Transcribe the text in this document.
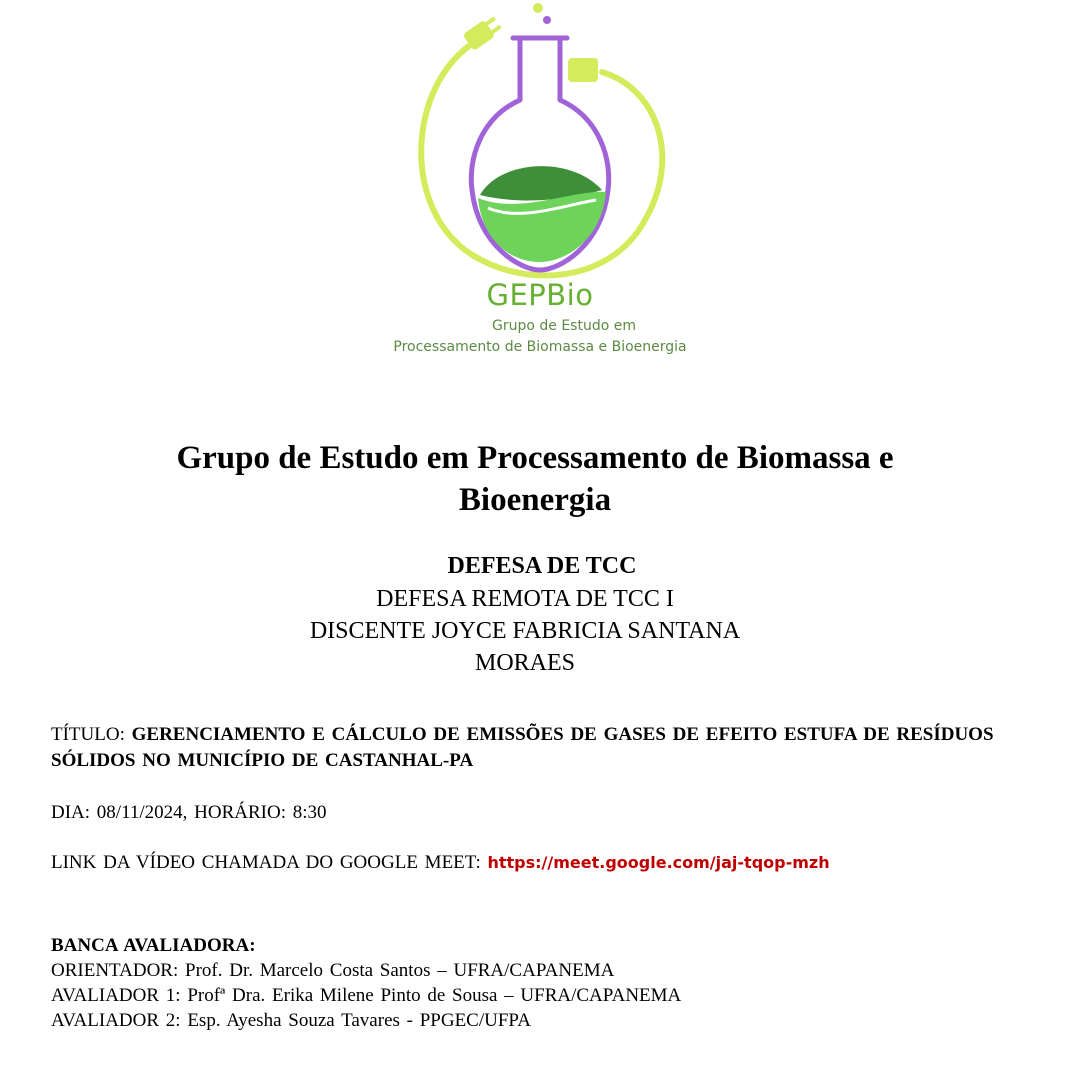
GEPBio
Grupo de Estudo em
Processamento de Biomassa e Bioenergia
Grupo de Estudo em Processamento de Biomassa e
Bioenergia
DEFESA DE TCC
DEFESA REMOTA DE TCC I
DISCENTE JOYCE FABRICIA SANTANA
MORAES
TÍTULO: GERENCIAMENTO E CÁLCULO DE EMISSÕES DE GASES DE EFEITO ESTUFA DE RESÍDUOS SÓLIDOS NO MUNICÍPIO DE CASTANHAL-PA
DIA: 08/11/2024, HORÁRIO: 8:30
LINK DA VÍDEO CHAMADA DO GOOGLE MEET: https://meet.google.com/jaj-tqop-mzh
BANCA AVALIADORA:
ORIENTADOR: Prof. Dr. Marcelo Costa Santos – UFRA/CAPANEMA
AVALIADOR 1: Profª Dra. Erika Milene Pinto de Sousa – UFRA/CAPANEMA
AVALIADOR 2: Esp. Ayesha Souza Tavares - PPGEC/UFPA
